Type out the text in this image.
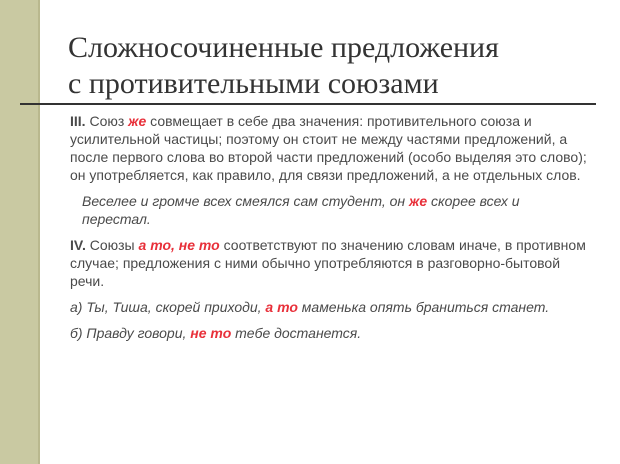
Сложносочиненные предложения
с противительными союзами

III. Союз же совмещает в себе два значения: противительного союза и усилительной частицы; поэтому он стоит не между частями предложений, а после первого слова во второй части предложений (особо выделяя это слово); он употребляется, как правило, для связи предложений, а не отдельных слов.

Веселее и громче всех смеялся сам студент, он же скорее всех и перестал.

IV. Союзы а то, не то соответствуют по значению словам иначе, в противном случае; предложения с ними обычно употребляются в разговорно-бытовой речи.

а) Ты, Тиша, скорей приходи, а то маменька опять браниться станет.

б) Правду говори, не то тебе достанется.
